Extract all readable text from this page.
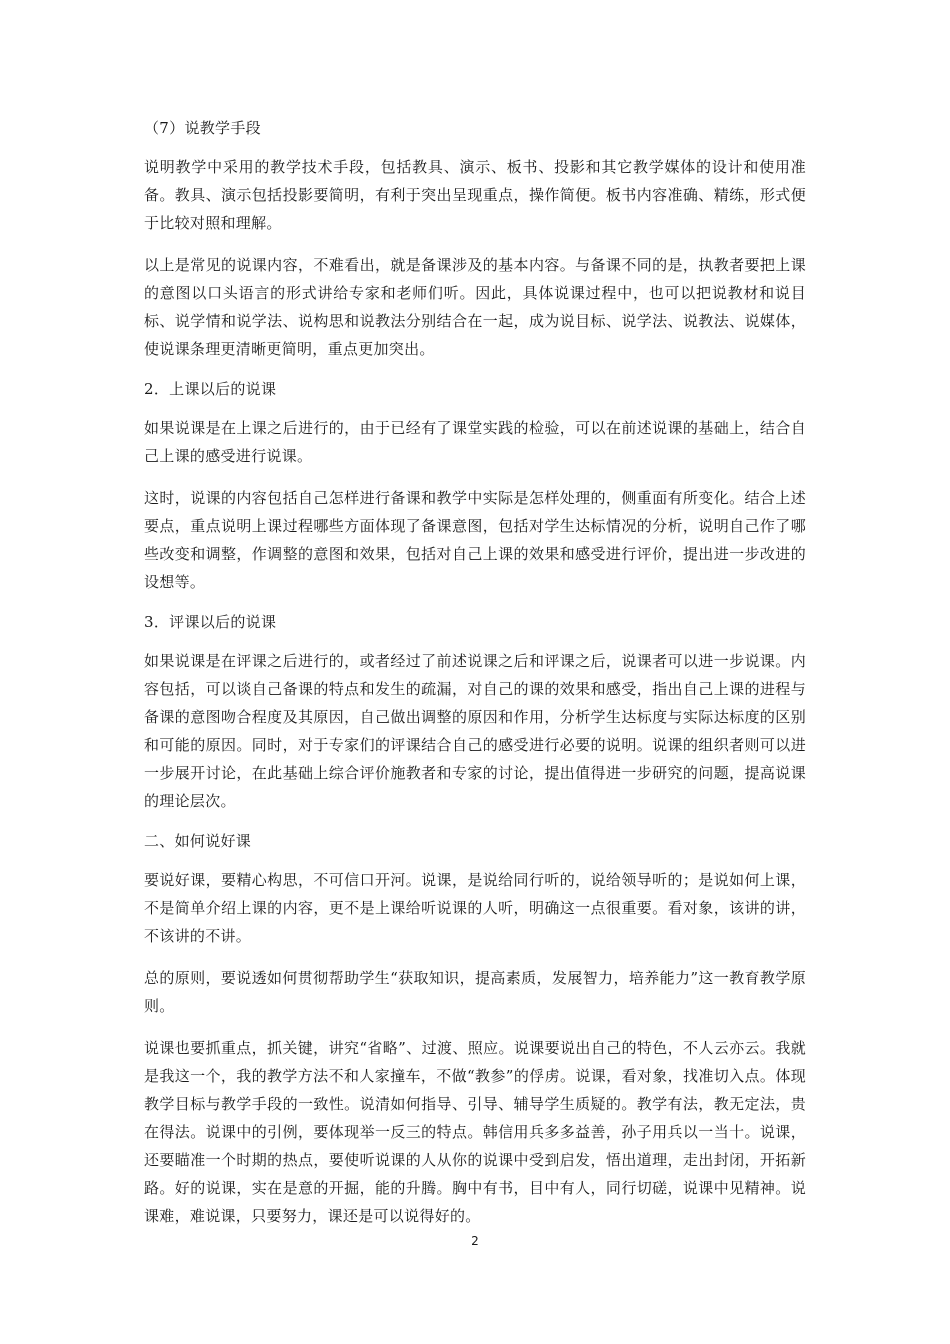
（7）说教学手段

说明教学中采用的教学技术手段，包括教具、演示、板书、投影和其它教学媒体的设计和使用准备。教具、演示包括投影要简明，有利于突出呈现重点，操作简便。板书内容准确、精练，形式便于比较对照和理解。

以上是常见的说课内容，不难看出，就是备课涉及的基本内容。与备课不同的是，执教者要把上课的意图以口头语言的形式讲给专家和老师们听。因此，具体说课过程中，也可以把说教材和说目标、说学情和说学法、说构思和说教法分别结合在一起，成为说目标、说学法、说教法、说媒体，使说课条理更清晰更简明，重点更加突出。

2．上课以后的说课

如果说课是在上课之后进行的，由于已经有了课堂实践的检验，可以在前述说课的基础上，结合自己上课的感受进行说课。

这时，说课的内容包括自己怎样进行备课和教学中实际是怎样处理的，侧重面有所变化。结合上述要点，重点说明上课过程哪些方面体现了备课意图，包括对学生达标情况的分析，说明自己作了哪些改变和调整，作调整的意图和效果，包括对自己上课的效果和感受进行评价，提出进一步改进的设想等。

3．评课以后的说课

如果说课是在评课之后进行的，或者经过了前述说课之后和评课之后，说课者可以进一步说课。内容包括，可以谈自己备课的特点和发生的疏漏，对自己的课的效果和感受，指出自己上课的进程与备课的意图吻合程度及其原因，自己做出调整的原因和作用，分析学生达标度与实际达标度的区别和可能的原因。同时，对于专家们的评课结合自己的感受进行必要的说明。说课的组织者则可以进一步展开讨论，在此基础上综合评价施教者和专家的讨论，提出值得进一步研究的问题，提高说课的理论层次。

二、如何说好课

要说好课，要精心构思，不可信口开河。说课，是说给同行听的，说给领导听的；是说如何上课，不是简单介绍上课的内容，更不是上课给听说课的人听，明确这一点很重要。看对象，该讲的讲，不该讲的不讲。

总的原则，要说透如何贯彻帮助学生“获取知识，提高素质，发展智力，培养能力”这一教育教学原则。

说课也要抓重点，抓关键，讲究“省略”、过渡、照应。说课要说出自己的特色，不人云亦云。我就是我这一个，我的教学方法不和人家撞车，不做“教参”的俘虏。说课，看对象，找准切入点。体现教学目标与教学手段的一致性。说清如何指导、引导、辅导学生质疑的。教学有法，教无定法，贵在得法。说课中的引例，要体现举一反三的特点。韩信用兵多多益善，孙子用兵以一当十。说课，还要瞄准一个时期的热点，要使听说课的人从你的说课中受到启发，悟出道理，走出封闭，开拓新路。好的说课，实在是意的开掘，能的升腾。胸中有书，目中有人，同行切磋，说课中见精神。说课难，难说课，只要努力，课还是可以说得好的。

2
